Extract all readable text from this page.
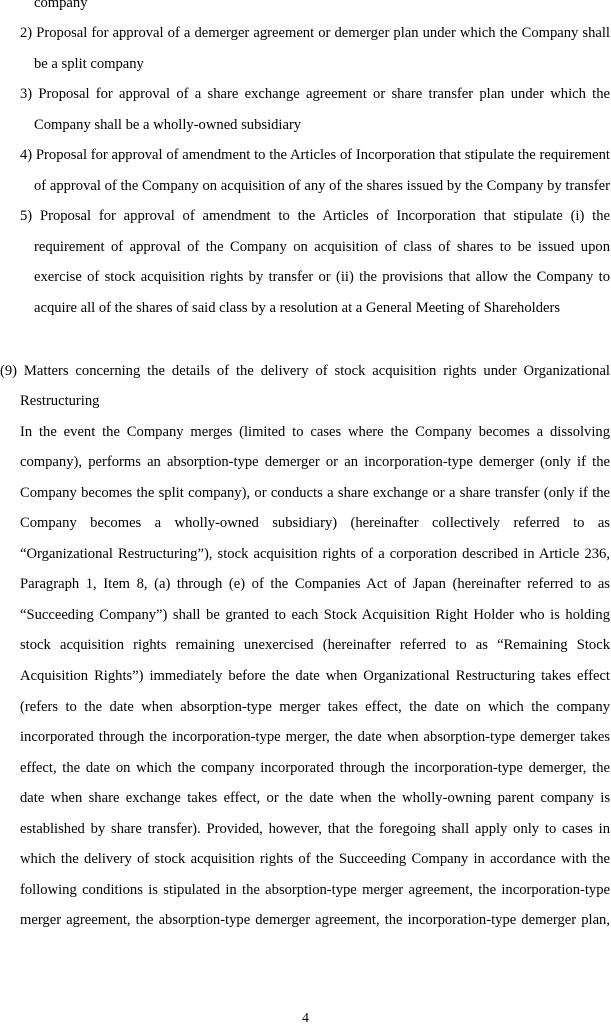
company
2) Proposal for approval of a demerger agreement or demerger plan under which the Company shall
be a split company
3) Proposal for approval of a share exchange agreement or share transfer plan under which the
Company shall be a wholly-owned subsidiary
4) Proposal for approval of amendment to the Articles of Incorporation that stipulate the requirement
of approval of the Company on acquisition of any of the shares issued by the Company by transfer
5) Proposal for approval of amendment to the Articles of Incorporation that stipulate (i) the
requirement of approval of the Company on acquisition of class of shares to be issued upon
exercise of stock acquisition rights by transfer or (ii) the provisions that allow the Company to
acquire all of the shares of said class by a resolution at a General Meeting of Shareholders
(9) Matters concerning the details of the delivery of stock acquisition rights under Organizational
Restructuring
In the event the Company merges (limited to cases where the Company becomes a dissolving
company), performs an absorption-type demerger or an incorporation-type demerger (only if the
Company becomes the split company), or conducts a share exchange or a share transfer (only if the
Company becomes a wholly-owned subsidiary) (hereinafter collectively referred to as
“Organizational Restructuring”), stock acquisition rights of a corporation described in Article 236,
Paragraph 1, Item 8, (a) through (e) of the Companies Act of Japan (hereinafter referred to as
“Succeeding Company”) shall be granted to each Stock Acquisition Right Holder who is holding
stock acquisition rights remaining unexercised (hereinafter referred to as “Remaining Stock
Acquisition Rights”) immediately before the date when Organizational Restructuring takes effect
(refers to the date when absorption-type merger takes effect, the date on which the company
incorporated through the incorporation-type merger, the date when absorption-type demerger takes
effect, the date on which the company incorporated through the incorporation-type demerger, the
date when share exchange takes effect, or the date when the wholly-owning parent company is
established by share transfer). Provided, however, that the foregoing shall apply only to cases in
which the delivery of stock acquisition rights of the Succeeding Company in accordance with the
following conditions is stipulated in the absorption-type merger agreement, the incorporation-type
merger agreement, the absorption-type demerger agreement, the incorporation-type demerger plan,
4
